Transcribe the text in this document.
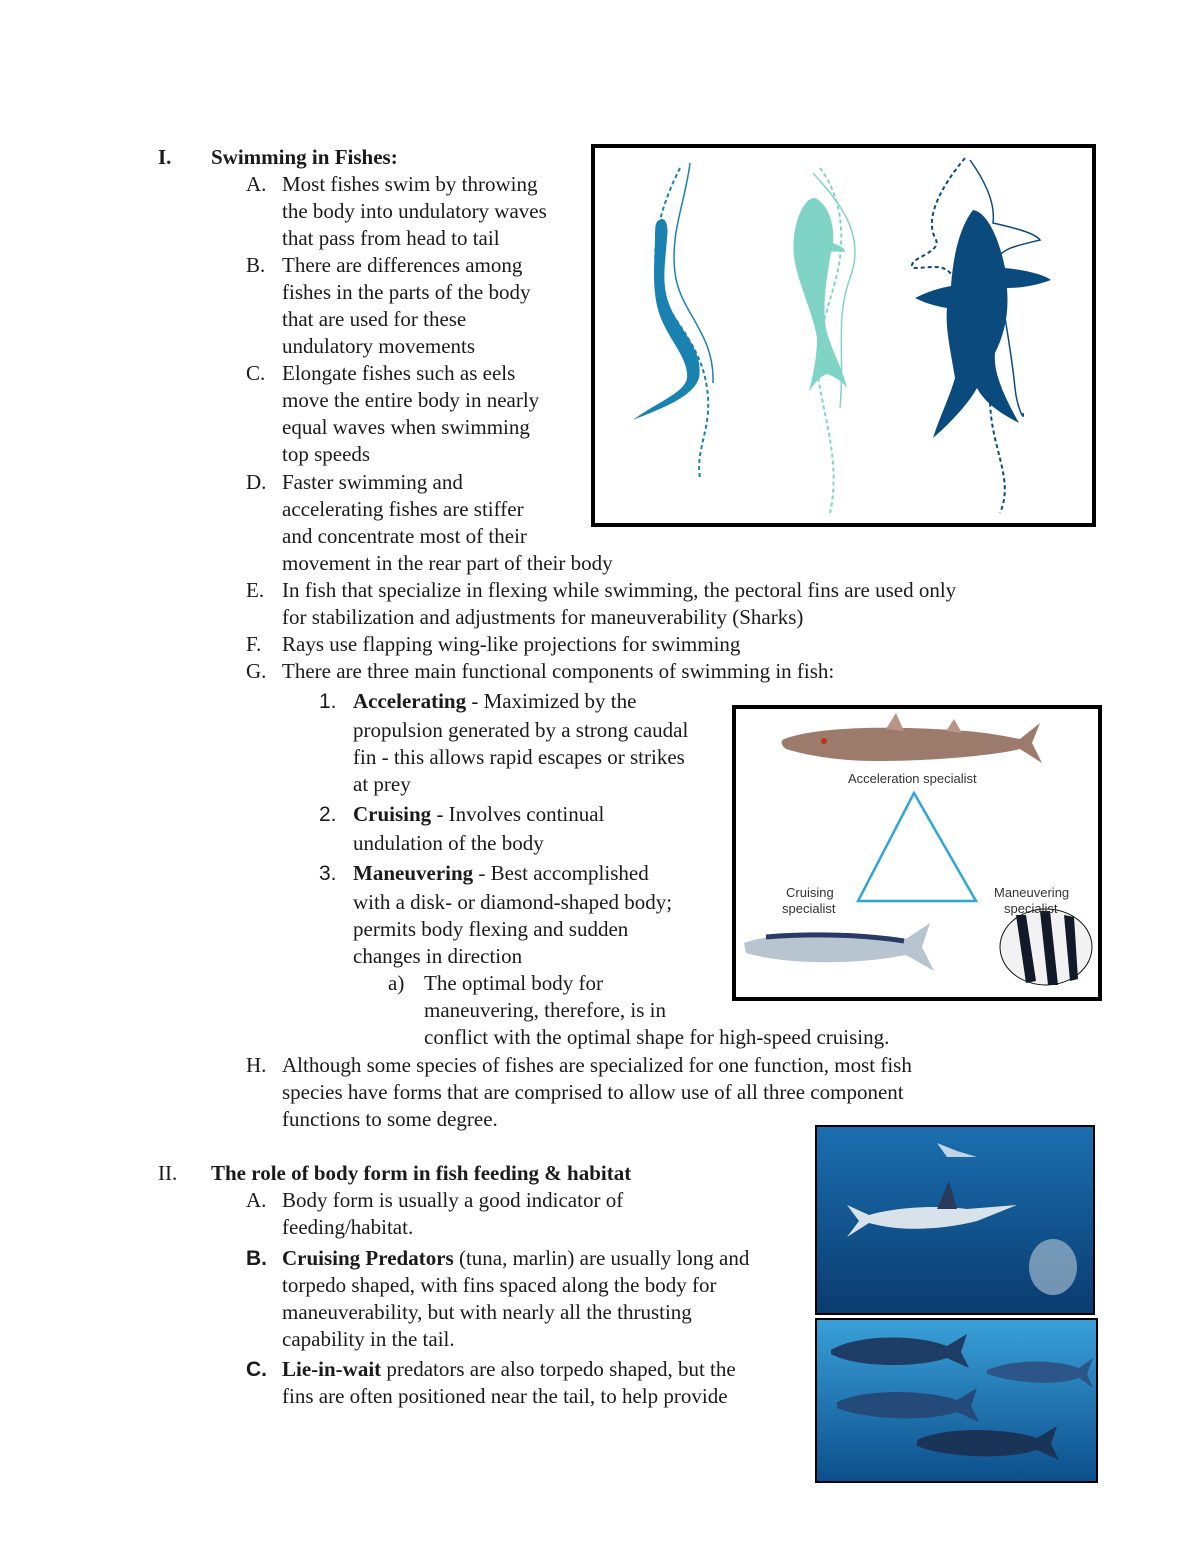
I. Swimming in Fishes:
A. Most fishes swim by throwing
the body into undulatory waves
that pass from head to tail
B. There are differences among
fishes in the parts of the body
that are used for these
undulatory movements
C. Elongate fishes such as eels
move the entire body in nearly
equal waves when swimming
top speeds
D. Faster swimming and
accelerating fishes are stiffer
and concentrate most of their
movement in the rear part of their body
E. In fish that specialize in flexing while swimming, the pectoral fins are used only
for stabilization and adjustments for maneuverability (Sharks)
F. Rays use flapping wing-like projections for swimming
G. There are three main functional components of swimming in fish:
1. Accelerating - Maximized by the
propulsion generated by a strong caudal
fin - this allows rapid escapes or strikes
at prey
2. Cruising - Involves continual
undulation of the body
3. Maneuvering - Best accomplished
with a disk- or diamond-shaped body;
permits body flexing and sudden
changes in direction
a) The optimal body for
maneuvering, therefore, is in
conflict with the optimal shape for high-speed cruising.
H. Although some species of fishes are specialized for one function, most fish
species have forms that are comprised to allow use of all three component
functions to some degree.
II. The role of body form in fish feeding & habitat
A. Body form is usually a good indicator of
feeding/habitat.
B. Cruising Predators (tuna, marlin) are usually long and
torpedo shaped, with fins spaced along the body for
maneuverability, but with nearly all the thrusting
capability in the tail.
C. Lie-in-wait predators are also torpedo shaped, but the
fins are often positioned near the tail, to help provide
Acceleration specialist
Cruising
specialist
Maneuvering
specialist
